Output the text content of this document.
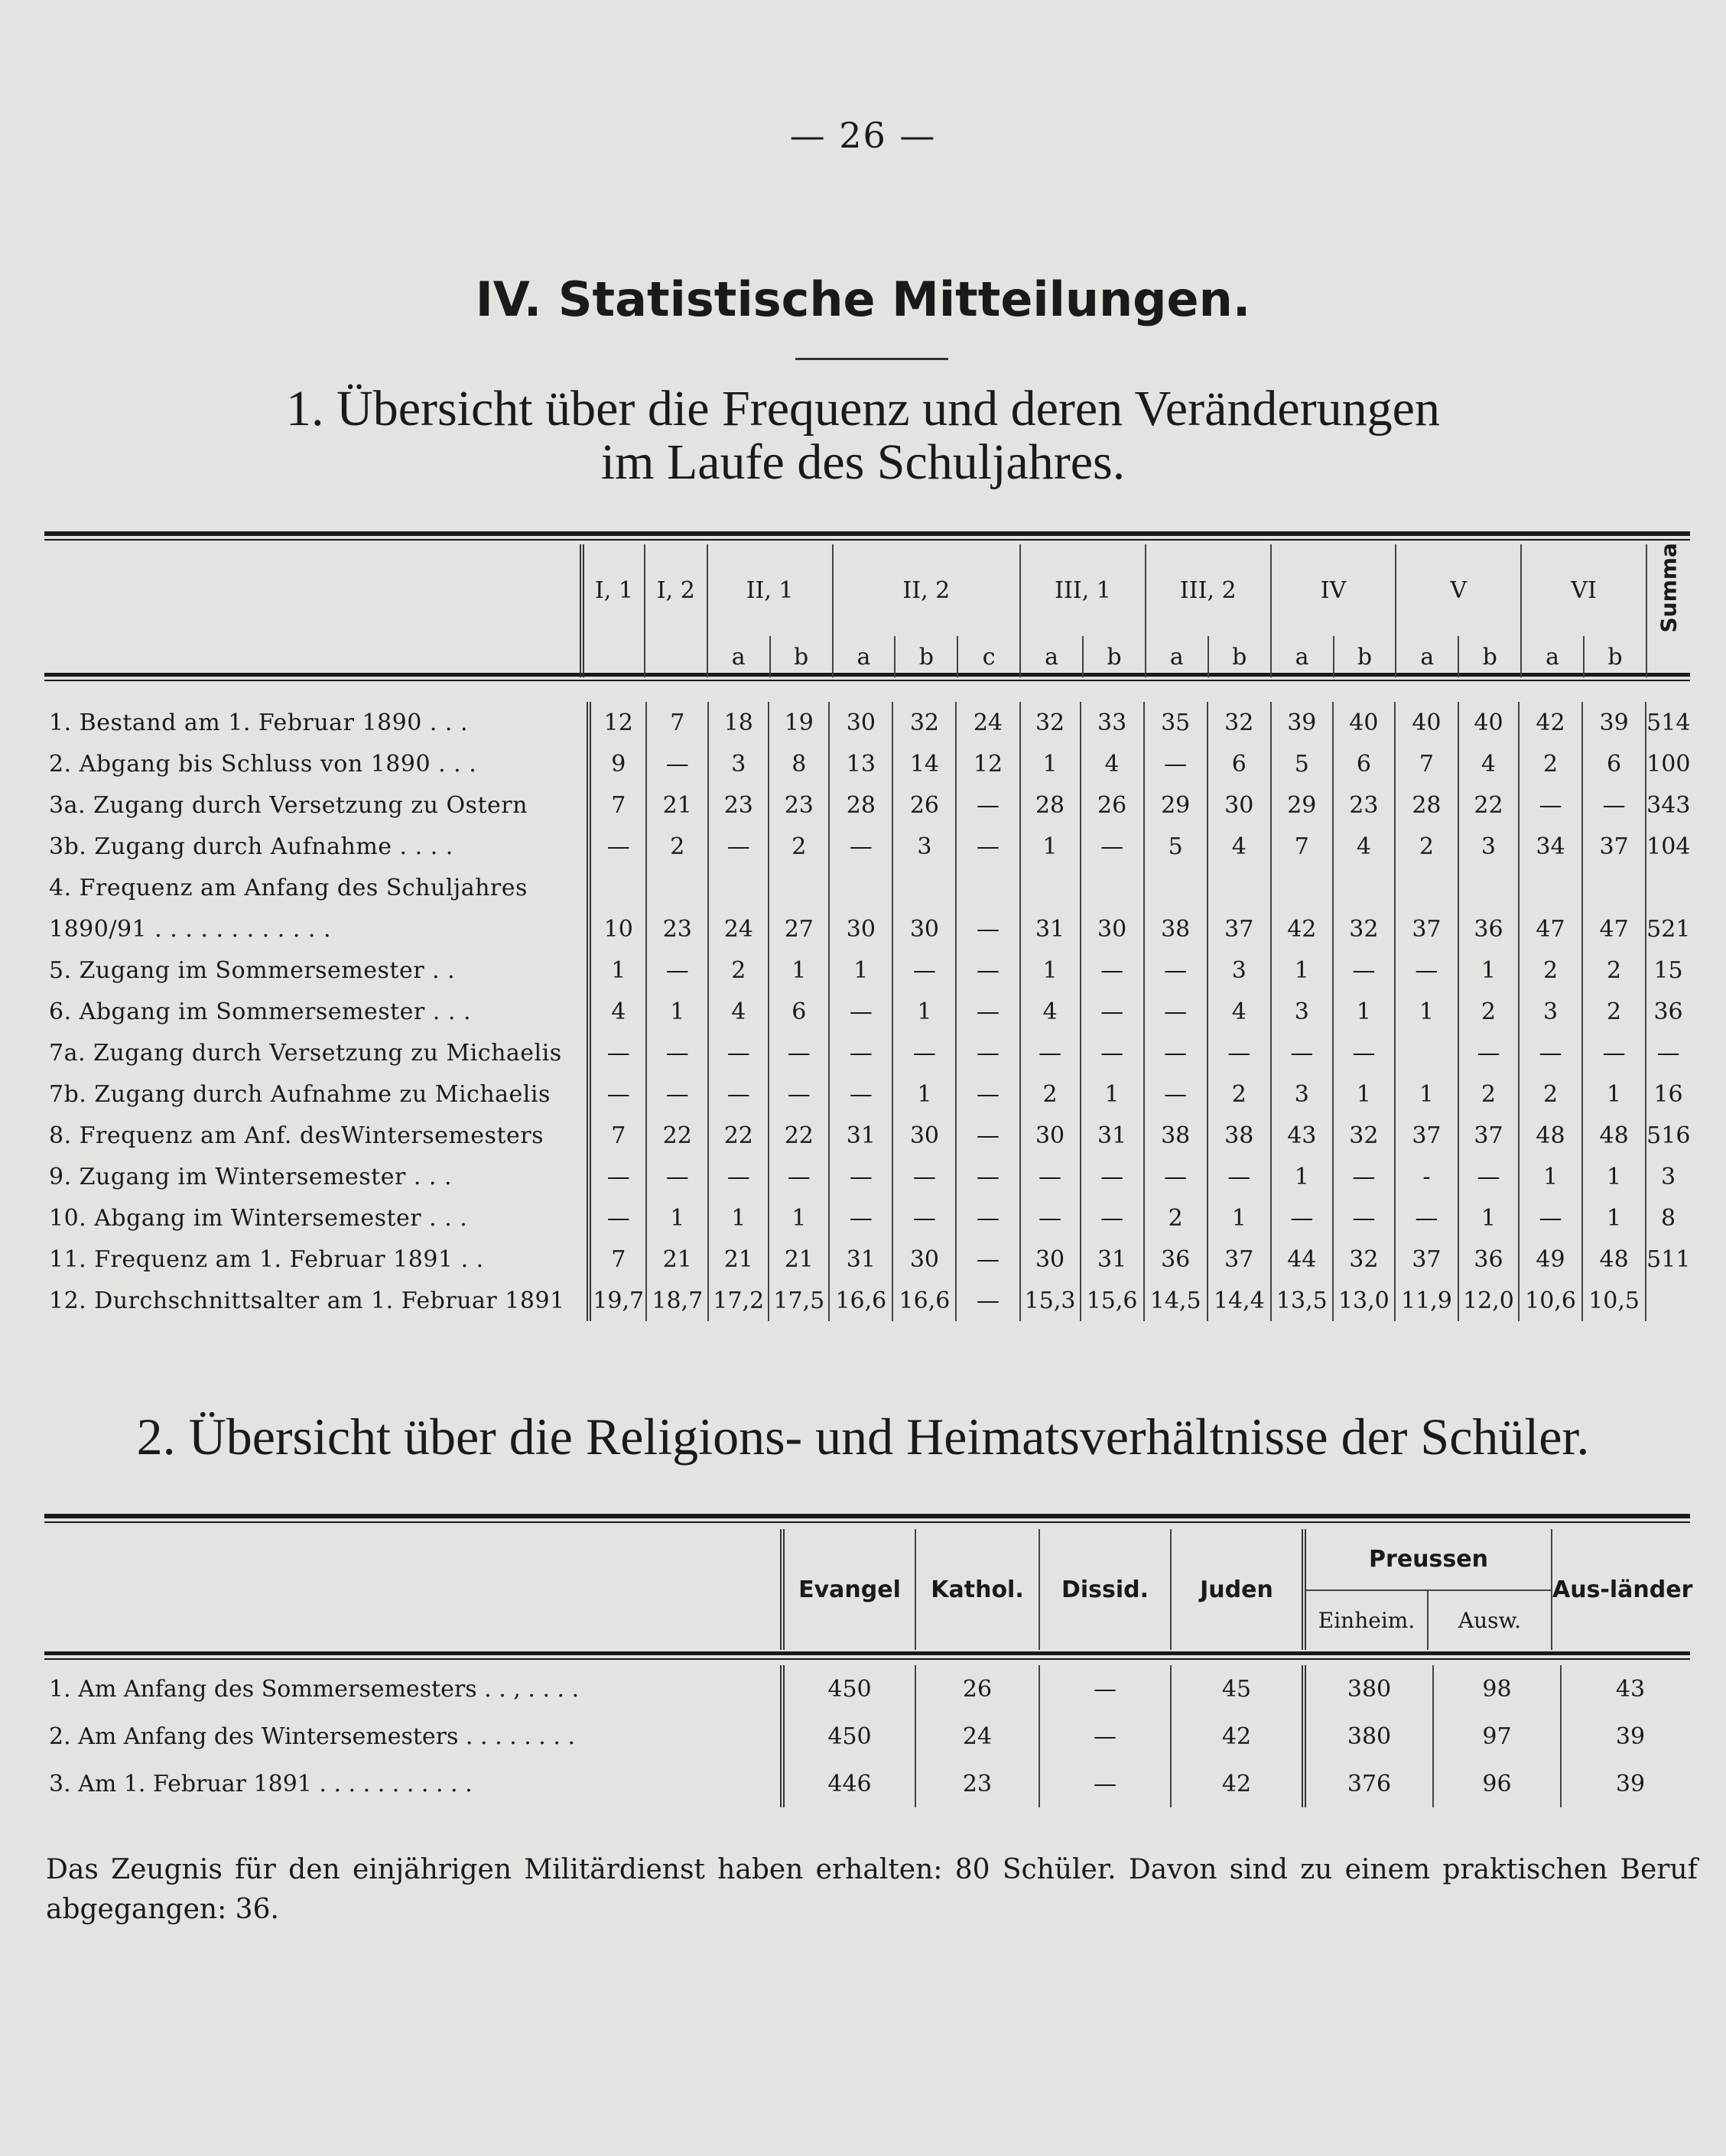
— 26 —
IV. Statistische Mitteilungen.
1. Übersicht über die Frequenz und deren Veränderungen
im Laufe des Schuljahres.
	I, 1	I, 2	II, 1		II, 2			III, 1		III, 2		IV		V		VI		Summa

			a	b	a	b	c	a	b	a	b	a	b	a	b	a	b	
1. Bestand am 1. Februar 1890 . . .	12	7	18	19	30	32	24	32	33	35	32	39	40	40	40	42	39	514
2. Abgang bis Schluss von 1890 . . .	9	—	3	8	13	14	12	1	4	—	6	5	6	7	4	2	6	100
3a. Zugang durch Versetzung zu Ostern	7	21	23	23	28	26	—	28	26	29	30	29	23	28	22	—	—	343
3b. Zugang durch Aufnahme . . . .	—	2	—	2	—	3	—	1	—	5	4	7	4	2	3	34	37	104
4. Frequenz am Anfang des Schuljahres																		
1890/91 . . . . . . . . . . . .	10	23	24	27	30	30	—	31	30	38	37	42	32	37	36	47	47	521
5. Zugang im Sommersemester . .	1	—	2	1	1	—	—	1	—	—	3	1	—	—	1	2	2	15
6. Abgang im Sommersemester . . .	4	1	4	6	—	1	—	4	—	—	4	3	1	1	2	3	2	36
7a. Zugang durch Versetzung zu Michaelis	—	—	—	—	—	—	—	—	—	—	—	—	—		—	—	—	—
7b. Zugang durch Aufnahme zu Michaelis	—	—	—	—	—	1	—	2	1	—	2	3	1	1	2	2	1	16
8. Frequenz am Anf. desWintersemesters	7	22	22	22	31	30	—	30	31	38	38	43	32	37	37	48	48	516
9. Zugang im Wintersemester . . .	—	—	—	—	—	—	—	—	—	—	—	1	—	-	—	1	1	3
10. Abgang im Wintersemester . . .	—	1	1	1	—	—	—	—	—	2	1	—	—	—	1	—	1	8
11. Frequenz am 1. Februar 1891 . .	7	21	21	21	31	30	—	30	31	36	37	44	32	37	36	49	48	511
12. Durchschnittsalter am 1. Februar 1891	19,7	18,7	17,2	17,5	16,6	16,6	—	15,3	15,6	14,5	14,4	13,5	13,0	11,9	12,0	10,6	10,5	
2. Übersicht über die Religions- und Heimatsverhältnisse der Schüler.
	Evangel	Kathol.	Dissid.	Juden	Preussen		Aus-länder
					Einheim.	Ausw.	
1. Am Anfang des Sommersemesters . . , . . . .	450	26	—	45	380	98	43
2. Am Anfang des Wintersemesters . . . . . . . .	450	24	—	42	380	97	39
3. Am 1. Februar 1891 . . . . . . . . . . .	446	23	—	42	376	96	39
Das Zeugnis für den einjährigen Militärdienst haben erhalten: 80 Schüler. Davon sind zu einem praktischen Beruf abgegangen: 36.
